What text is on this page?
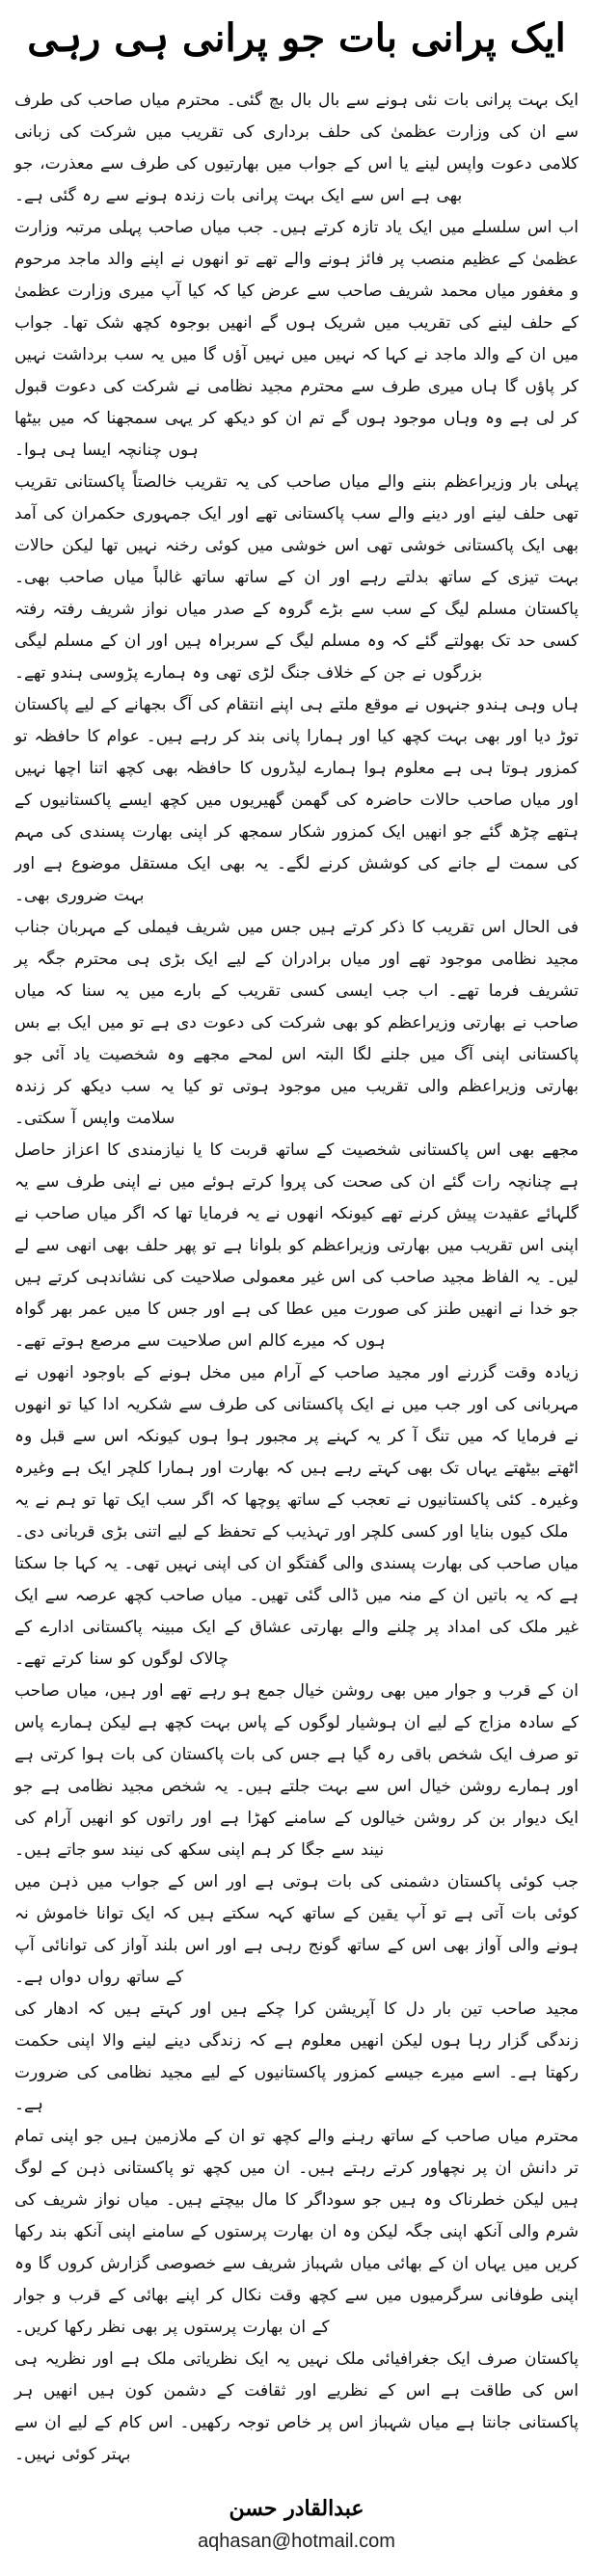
ایک پرانی بات جو پرانی ہی رہی

ایک بہت پرانی بات نئی ہونے سے بال بال بچ گئی۔ محترم میاں صاحب کی طرف سے ان کی وزارت عظمیٰ کی حلف برداری کی تقریب میں شرکت کی زبانی کلامی دعوت واپس لینے یا اس کے جواب میں بھارتیوں کی طرف سے معذرت، جو بھی ہے اس سے ایک بہت پرانی بات زندہ ہونے سے رہ گئی ہے۔

اب اس سلسلے میں ایک یاد تازہ کرتے ہیں۔ جب میاں صاحب پہلی مرتبہ وزارت عظمیٰ کے عظیم منصب پر فائز ہونے والے تھے تو انھوں نے اپنے والد ماجد مرحوم و مغفور میاں محمد شریف صاحب سے عرض کیا کہ کیا آپ میری وزارت عظمیٰ کے حلف لینے کی تقریب میں شریک ہوں گے انھیں بوجوہ کچھ شک تھا۔ جواب میں ان کے والد ماجد نے کہا کہ نہیں میں نہیں آؤں گا میں یہ سب برداشت نہیں کر پاؤں گا ہاں میری طرف سے محترم مجید نظامی نے شرکت کی دعوت قبول کر لی ہے وہ وہاں موجود ہوں گے تم ان کو دیکھ کر یہی سمجھنا کہ میں بیٹھا ہوں چنانچہ ایسا ہی ہوا۔

پہلی بار وزیراعظم بننے والے میاں صاحب کی یہ تقریب خالصتاً پاکستانی تقریب تھی حلف لینے اور دینے والے سب پاکستانی تھے اور ایک جمہوری حکمران کی آمد بھی ایک پاکستانی خوشی تھی اس خوشی میں کوئی رخنہ نہیں تھا لیکن حالات بہت تیزی کے ساتھ بدلتے رہے اور ان کے ساتھ ساتھ غالباً میاں صاحب بھی۔ پاکستان مسلم لیگ کے سب سے بڑے گروہ کے صدر میاں نواز شریف رفتہ رفتہ کسی حد تک بھولتے گئے کہ وہ مسلم لیگ کے سربراہ ہیں اور ان کے مسلم لیگی بزرگوں نے جن کے خلاف جنگ لڑی تھی وہ ہمارے پڑوسی ہندو تھے۔

ہاں وہی ہندو جنہوں نے موقع ملتے ہی اپنے انتقام کی آگ بجھانے کے لیے پاکستان توڑ دیا اور بھی بہت کچھ کیا اور ہمارا پانی بند کر رہے ہیں۔ عوام کا حافظہ تو کمزور ہوتا ہی ہے معلوم ہوا ہمارے لیڈروں کا حافظہ بھی کچھ اتنا اچھا نہیں اور میاں صاحب حالات حاضرہ کی گھمن گھیریوں میں کچھ ایسے پاکستانیوں کے ہتھے چڑھ گئے جو انھیں ایک کمزور شکار سمجھ کر اپنی بھارت پسندی کی مہم کی سمت لے جانے کی کوشش کرنے لگے۔ یہ بھی ایک مستقل موضوع ہے اور بہت ضروری بھی۔

فی الحال اس تقریب کا ذکر کرتے ہیں جس میں شریف فیملی کے مہربان جناب مجید نظامی موجود تھے اور میاں برادران کے لیے ایک بڑی ہی محترم جگہ پر تشریف فرما تھے۔ اب جب ایسی کسی تقریب کے بارے میں یہ سنا کہ میاں صاحب نے بھارتی وزیراعظم کو بھی شرکت کی دعوت دی ہے تو میں ایک بے بس پاکستانی اپنی آگ میں جلنے لگا البتہ اس لمحے مجھے وہ شخصیت یاد آئی جو بھارتی وزیراعظم والی تقریب میں موجود ہوتی تو کیا یہ سب دیکھ کر زندہ سلامت واپس آ سکتی۔

مجھے بھی اس پاکستانی شخصیت کے ساتھ قربت کا یا نیازمندی کا اعزاز حاصل ہے چنانچہ رات گئے ان کی صحت کی پروا کرتے ہوئے میں نے اپنی طرف سے یہ گلہائے عقیدت پیش کرنے تھے کیونکہ انھوں نے یہ فرمایا تھا کہ اگر میاں صاحب نے اپنی اس تقریب میں بھارتی وزیراعظم کو بلوانا ہے تو پھر حلف بھی انھی سے لے لیں۔ یہ الفاظ مجید صاحب کی اس غیر معمولی صلاحیت کی نشاندہی کرتے ہیں جو خدا نے انھیں طنز کی صورت میں عطا کی ہے اور جس کا میں عمر بھر گواہ ہوں کہ میرے کالم اس صلاحیت سے مرصع ہوتے تھے۔

زیادہ وقت گزرنے اور مجید صاحب کے آرام میں مخل ہونے کے باوجود انھوں نے مہربانی کی اور جب میں نے ایک پاکستانی کی طرف سے شکریہ ادا کیا تو انھوں نے فرمایا کہ میں تنگ آ کر یہ کہنے پر مجبور ہوا ہوں کیونکہ اس سے قبل وہ اٹھتے بیٹھتے یہاں تک بھی کہتے رہے ہیں کہ بھارت اور ہمارا کلچر ایک ہے وغیرہ وغیرہ۔ کئی پاکستانیوں نے تعجب کے ساتھ پوچھا کہ اگر سب ایک تھا تو ہم نے یہ ملک کیوں بنایا اور کسی کلچر اور تہذیب کے تحفظ کے لیے اتنی بڑی قربانی دی۔

میاں صاحب کی بھارت پسندی والی گفتگو ان کی اپنی نہیں تھی۔ یہ کہا جا سکتا ہے کہ یہ باتیں ان کے منہ میں ڈالی گئی تھیں۔ میاں صاحب کچھ عرصہ سے ایک غیر ملک کی امداد پر چلنے والے بھارتی عشاق کے ایک مبینہ پاکستانی ادارے کے چالاک لوگوں کو سنا کرتے تھے۔

ان کے قرب و جوار میں بھی روشن خیال جمع ہو رہے تھے اور ہیں، میاں صاحب کے سادہ مزاج کے لیے ان ہوشیار لوگوں کے پاس بہت کچھ ہے لیکن ہمارے پاس تو صرف ایک شخص باقی رہ گیا ہے جس کی بات پاکستان کی بات ہوا کرتی ہے اور ہمارے روشن خیال اس سے بہت جلتے ہیں۔ یہ شخص مجید نظامی ہے جو ایک دیوار بن کر روشن خیالوں کے سامنے کھڑا ہے اور راتوں کو انھیں آرام کی نیند سے جگا کر ہم اپنی سکھ کی نیند سو جاتے ہیں۔

جب کوئی پاکستان دشمنی کی بات ہوتی ہے اور اس کے جواب میں ذہن میں کوئی بات آتی ہے تو آپ یقین کے ساتھ کہہ سکتے ہیں کہ ایک توانا خاموش نہ ہونے والی آواز بھی اس کے ساتھ گونج رہی ہے اور اس بلند آواز کی توانائی آپ کے ساتھ رواں دواں ہے۔

مجید صاحب تین بار دل کا آپریشن کرا چکے ہیں اور کہتے ہیں کہ ادھار کی زندگی گزار رہا ہوں لیکن انھیں معلوم ہے کہ زندگی دینے لینے والا اپنی حکمت رکھتا ہے۔ اسے میرے جیسے کمزور پاکستانیوں کے لیے مجید نظامی کی ضرورت ہے۔

محترم میاں صاحب کے ساتھ رہنے والے کچھ تو ان کے ملازمین ہیں جو اپنی تمام تر دانش ان پر نچھاور کرتے رہتے ہیں۔ ان میں کچھ تو پاکستانی ذہن کے لوگ ہیں لیکن خطرناک وہ ہیں جو سوداگر کا مال بیچتے ہیں۔ میاں نواز شریف کی شرم والی آنکھ اپنی جگہ لیکن وہ ان بھارت پرستوں کے سامنے اپنی آنکھ بند رکھا کریں میں یہاں ان کے بھائی میاں شہباز شریف سے خصوصی گزارش کروں گا وہ اپنی طوفانی سرگرمیوں میں سے کچھ وقت نکال کر اپنے بھائی کے قرب و جوار کے ان بھارت پرستوں پر بھی نظر رکھا کریں۔

پاکستان صرف ایک جغرافیائی ملک نہیں یہ ایک نظریاتی ملک ہے اور نظریہ ہی اس کی طاقت ہے اس کے نظریے اور ثقافت کے دشمن کون ہیں انھیں ہر پاکستانی جانتا ہے میاں شہباز اس پر خاص توجہ رکھیں۔ اس کام کے لیے ان سے بہتر کوئی نہیں۔

عبدالقادر حسن

aqhasan@hotmail.com
